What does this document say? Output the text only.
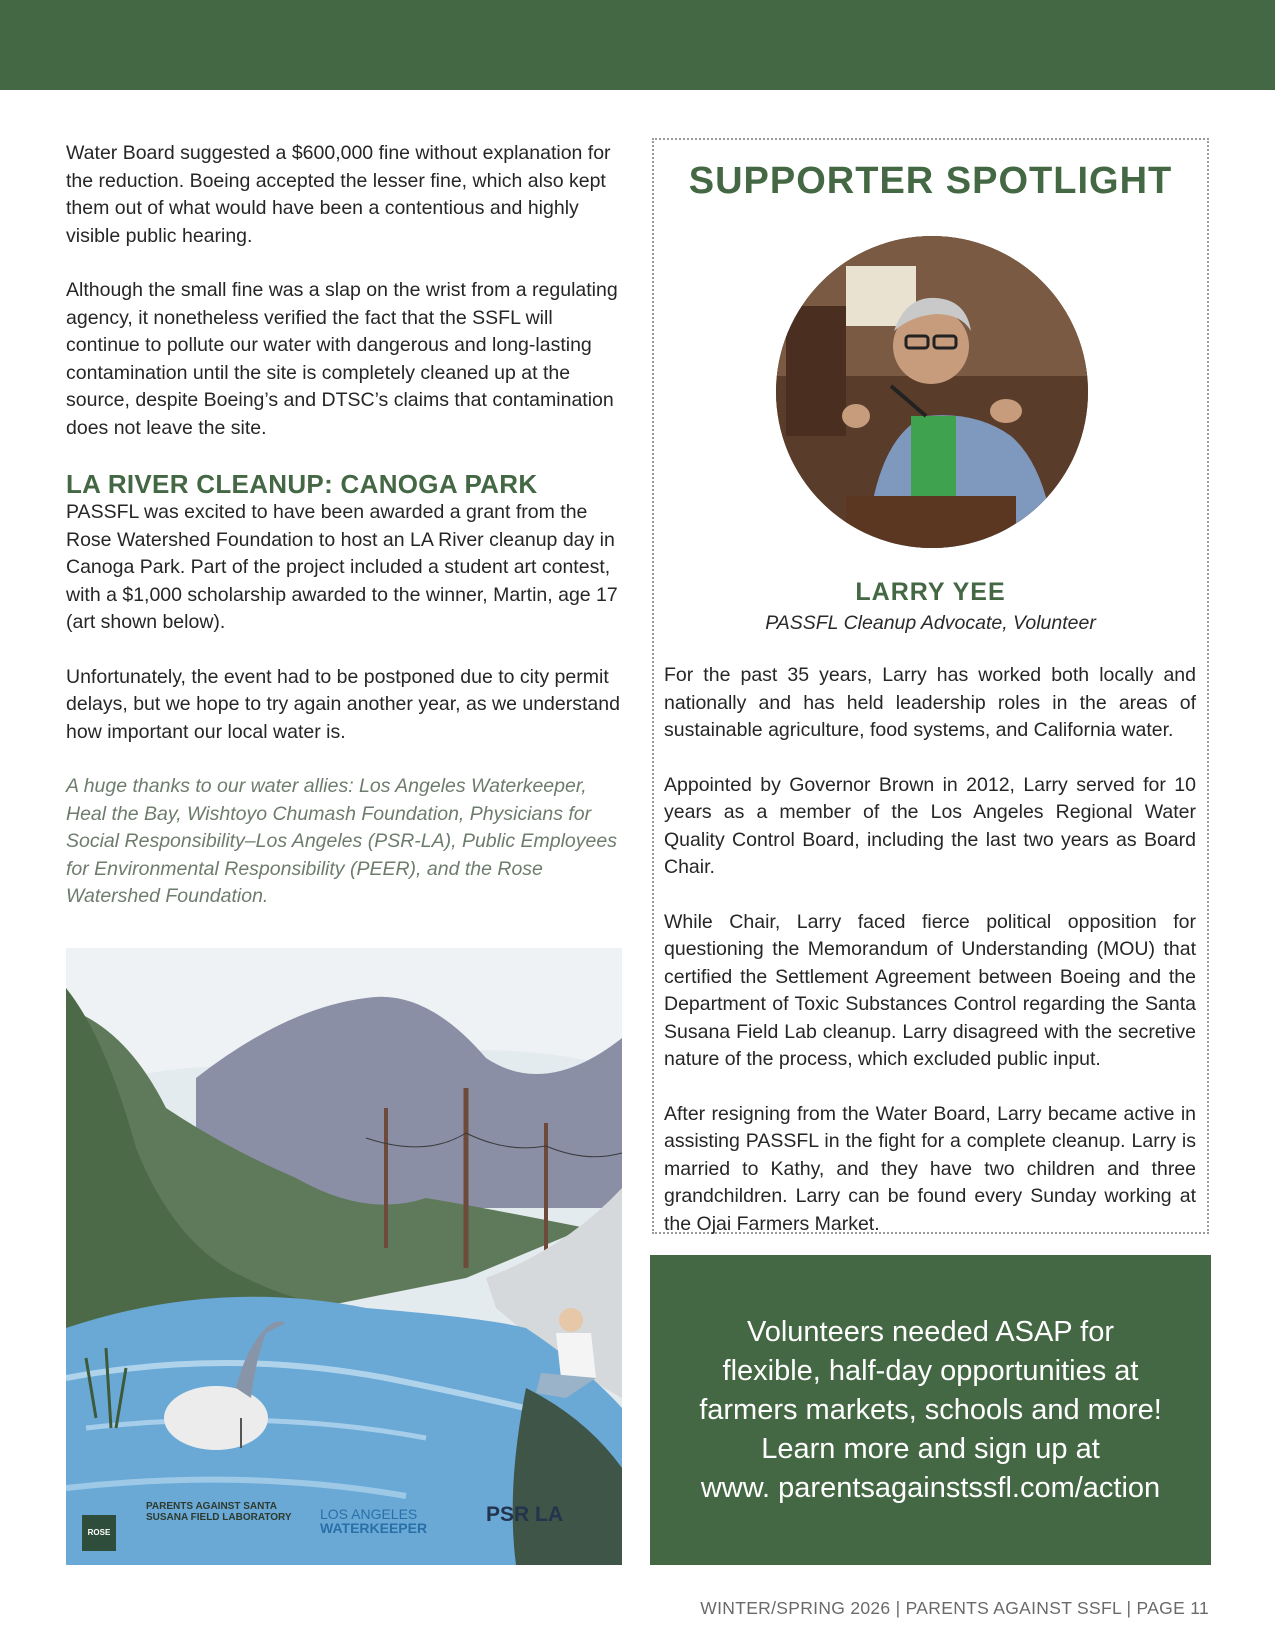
Water Board suggested a $600,000 fine without explanation for the reduction. Boeing accepted the lesser fine, which also kept them out of what would have been a contentious and highly visible public hearing.

Although the small fine was a slap on the wrist from a regulating agency, it nonetheless verified the fact that the SSFL will continue to pollute our water with dangerous and long-lasting contamination until the site is completely cleaned up at the source, despite Boeing’s and DTSC’s claims that contamination does not leave the site.

LA RIVER CLEANUP: CANOGA PARK

PASSFL was excited to have been awarded a grant from the Rose Watershed Foundation to host an LA River cleanup day in Canoga Park. Part of the project included a student art contest, with a $1,000 scholarship awarded to the winner, Martin, age 17 (art shown below).

Unfortunately, the event had to be postponed due to city permit delays, but we hope to try again another year, as we understand how important our local water is.

A huge thanks to our water allies: Los Angeles Waterkeeper, Heal the Bay, Wishtoyo Chumash Foundation, Physicians for Social Responsibility–Los Angeles (PSR-LA), Public Employees for Environmental Responsibility (PEER), and the Rose Watershed Foundation.

ROSE
PARENTS AGAINST SANTA SUSANA FIELD LABORATORY	LOS ANGELES
WATERKEEPER
PSR LA
SUPPORTER SPOTLIGHT
LARRY YEE
PASSFL Cleanup Advocate, Volunteer

For the past 35 years, Larry has worked both locally and nationally and has held leadership roles in the areas of sustainable agriculture, food systems, and California water.

Appointed by Governor Brown in 2012, Larry served for 10 years as a member of the Los Angeles Regional Water Quality Control Board, including the last two years as Board Chair.

While Chair, Larry faced fierce political opposition for questioning the Memorandum of Understanding (MOU) that certified the Settlement Agreement between Boeing and the Department of Toxic Substances Control regarding the Santa Susana Field Lab cleanup. Larry disagreed with the secretive nature of the process, which excluded public input.

After resigning from the Water Board, Larry became active in assisting PASSFL in the fight for a complete cleanup. Larry is married to Kathy, and they have two children and three grandchildren. Larry can be found every Sunday working at the Ojai Farmers Market.

Volunteers needed ASAP for
flexible, half-day opportunities at
farmers markets, schools and more!
Learn more and sign up at
www. parentsagainstssfl.com/action
WINTER/SPRING 2026 | PARENTS AGAINST SSFL | PAGE 11
